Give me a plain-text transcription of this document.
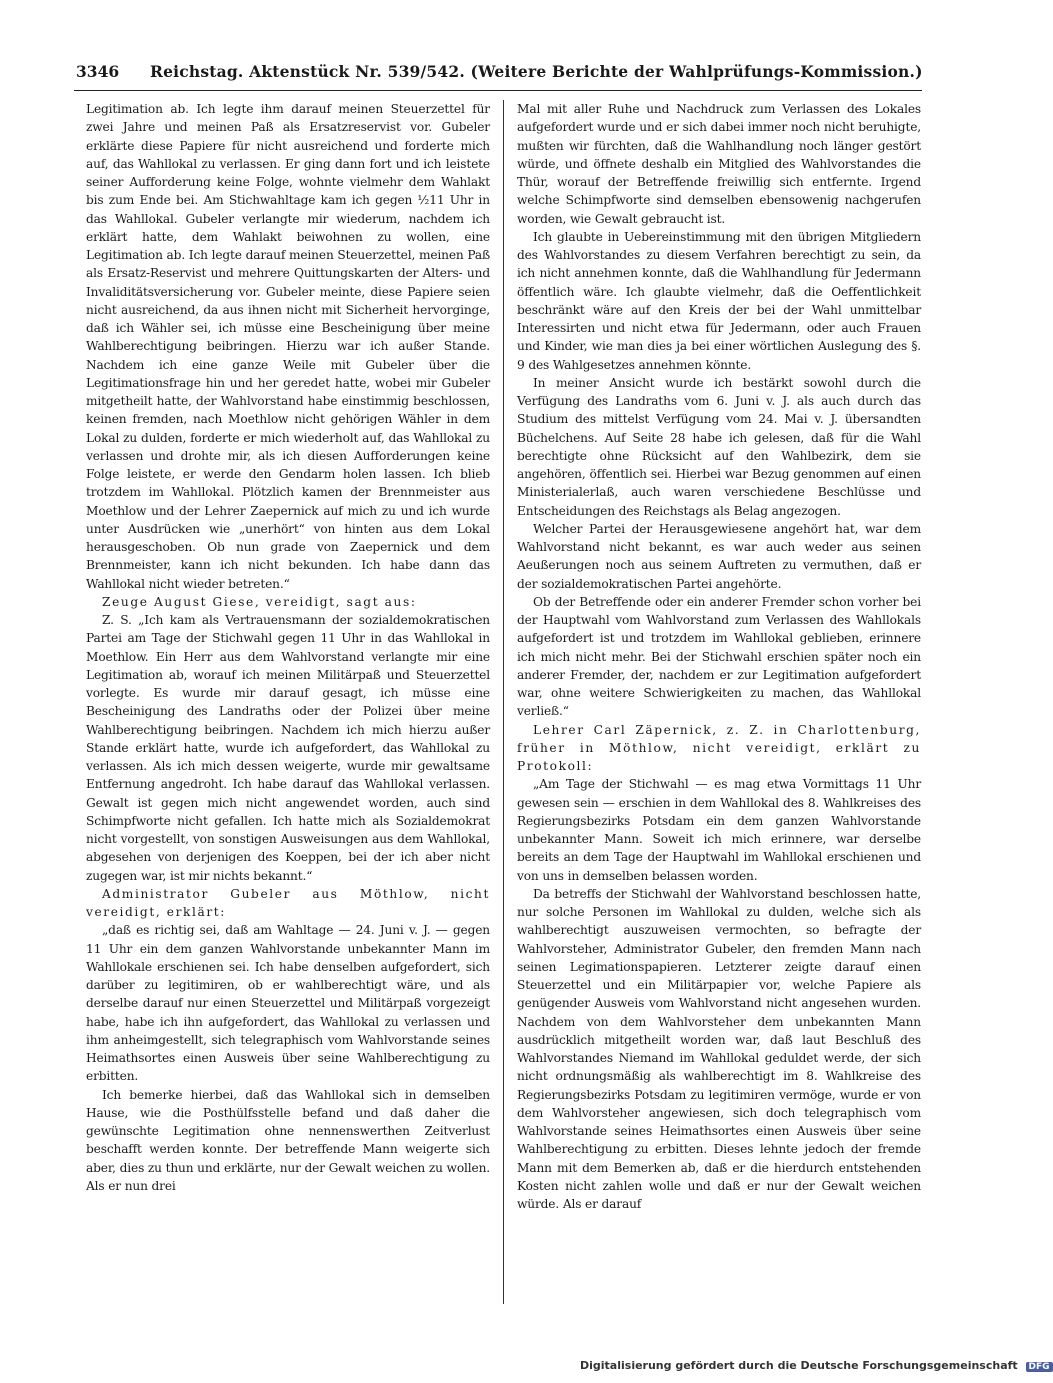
3346 Reichstag. Aktenstück Nr. 539/542. (Weitere Berichte der Wahlprüfungs-Kommission.)

Legitimation ab. Ich legte ihm darauf meinen Steuerzettel für zwei Jahre und meinen Paß als Ersatzreservist vor. Gubeler erklärte diese Papiere für nicht ausreichend und forderte mich auf, das Wahllokal zu verlassen. Er ging dann fort und ich leistete seiner Aufforderung keine Folge, wohnte vielmehr dem Wahlakt bis zum Ende bei. Am Stichwahltage kam ich gegen ½11 Uhr in das Wahllokal. Gubeler verlangte mir wiederum, nachdem ich erklärt hatte, dem Wahlakt beiwohnen zu wollen, eine Legitimation ab. Ich legte darauf meinen Steuerzettel, meinen Paß als Ersatz-Reservist und mehrere Quittungskarten der Alters- und Invaliditätsversicherung vor. Gubeler meinte, diese Papiere seien nicht ausreichend, da aus ihnen nicht mit Sicherheit hervorginge, daß ich Wähler sei, ich müsse eine Bescheinigung über meine Wahlberechtigung beibringen. Hierzu war ich außer Stande. Nachdem ich eine ganze Weile mit Gubeler über die Legitimationsfrage hin und her geredet hatte, wobei mir Gubeler mitgetheilt hatte, der Wahlvorstand habe einstimmig beschlossen, keinen fremden, nach Moethlow nicht gehörigen Wähler in dem Lokal zu dulden, forderte er mich wiederholt auf, das Wahllokal zu verlassen und drohte mir, als ich diesen Aufforderungen keine Folge leistete, er werde den Gendarm holen lassen. Ich blieb trotzdem im Wahllokal. Plötzlich kamen der Brennmeister aus Moethlow und der Lehrer Zaepernick auf mich zu und ich wurde unter Ausdrücken wie „unerhört“ von hinten aus dem Lokal herausgeschoben. Ob nun grade von Zaepernick und dem Brennmeister, kann ich nicht bekunden. Ich habe dann das Wahllokal nicht wieder betreten.“

Zeuge August Giese, vereidigt, sagt aus:

Z. S. „Ich kam als Vertrauensmann der sozialdemokratischen Partei am Tage der Stichwahl gegen 11 Uhr in das Wahllokal in Moethlow. Ein Herr aus dem Wahlvorstand verlangte mir eine Legitimation ab, worauf ich meinen Militärpaß und Steuerzettel vorlegte. Es wurde mir darauf gesagt, ich müsse eine Bescheinigung des Landraths oder der Polizei über meine Wahlberechtigung beibringen. Nachdem ich mich hierzu außer Stande erklärt hatte, wurde ich aufgefordert, das Wahllokal zu verlassen. Als ich mich dessen weigerte, wurde mir gewaltsame Entfernung angedroht. Ich habe darauf das Wahllokal verlassen. Gewalt ist gegen mich nicht angewendet worden, auch sind Schimpfworte nicht gefallen. Ich hatte mich als Sozialdemokrat nicht vorgestellt, von sonstigen Ausweisungen aus dem Wahllokal, abgesehen von derjenigen des Koeppen, bei der ich aber nicht zugegen war, ist mir nichts bekannt.“

Administrator Gubeler aus Möthlow, nicht vereidigt, erklärt:

„daß es richtig sei, daß am Wahltage — 24. Juni v. J. — gegen 11 Uhr ein dem ganzen Wahlvorstande unbekannter Mann im Wahllokale erschienen sei. Ich habe denselben aufgefordert, sich darüber zu legitimiren, ob er wahlberechtigt wäre, und als derselbe darauf nur einen Steuerzettel und Militärpaß vorgezeigt habe, habe ich ihn aufgefordert, das Wahllokal zu verlassen und ihm anheimgestellt, sich telegraphisch vom Wahlvorstande seines Heimathsortes einen Ausweis über seine Wahlberechtigung zu erbitten.

Ich bemerke hierbei, daß das Wahllokal sich in demselben Hause, wie die Posthülfsstelle befand und daß daher die gewünschte Legitimation ohne nennenswerthen Zeitverlust beschafft werden konnte. Der betreffende Mann weigerte sich aber, dies zu thun und erklärte, nur der Gewalt weichen zu wollen. Als er nun drei

Mal mit aller Ruhe und Nachdruck zum Verlassen des Lokales aufgefordert wurde und er sich dabei immer noch nicht beruhigte, mußten wir fürchten, daß die Wahlhandlung noch länger gestört würde, und öffnete deshalb ein Mitglied des Wahlvorstandes die Thür, worauf der Betreffende freiwillig sich entfernte. Irgend welche Schimpfworte sind demselben ebensowenig nachgerufen worden, wie Gewalt gebraucht ist.

Ich glaubte in Uebereinstimmung mit den übrigen Mitgliedern des Wahlvorstandes zu diesem Verfahren berechtigt zu sein, da ich nicht annehmen konnte, daß die Wahlhandlung für Jedermann öffentlich wäre. Ich glaubte vielmehr, daß die Oeffentlichkeit beschränkt wäre auf den Kreis der bei der Wahl unmittelbar Interessirten und nicht etwa für Jedermann, oder auch Frauen und Kinder, wie man dies ja bei einer wörtlichen Auslegung des §. 9 des Wahlgesetzes annehmen könnte.

In meiner Ansicht wurde ich bestärkt sowohl durch die Verfügung des Landraths vom 6. Juni v. J. als auch durch das Studium des mittelst Verfügung vom 24. Mai v. J. übersandten Büchelchens. Auf Seite 28 habe ich gelesen, daß für die Wahl berechtigte ohne Rücksicht auf den Wahlbezirk, dem sie angehören, öffentlich sei. Hierbei war Bezug genommen auf einen Ministerialerlaß, auch waren verschiedene Beschlüsse und Entscheidungen des Reichstags als Belag angezogen.

Welcher Partei der Herausgewiesene angehört hat, war dem Wahlvorstand nicht bekannt, es war auch weder aus seinen Aeußerungen noch aus seinem Auftreten zu vermuthen, daß er der sozialdemokratischen Partei angehörte.

Ob der Betreffende oder ein anderer Fremder schon vorher bei der Hauptwahl vom Wahlvorstand zum Verlassen des Wahllokals aufgefordert ist und trotzdem im Wahllokal geblieben, erinnere ich mich nicht mehr. Bei der Stichwahl erschien später noch ein anderer Fremder, der, nachdem er zur Legitimation aufgefordert war, ohne weitere Schwierigkeiten zu machen, das Wahllokal verließ.“

Lehrer Carl Zäpernick, z. Z. in Charlottenburg, früher in Möthlow, nicht vereidigt, erklärt zu Protokoll:

„Am Tage der Stichwahl — es mag etwa Vormittags 11 Uhr gewesen sein — erschien in dem Wahllokal des 8. Wahlkreises des Regierungsbezirks Potsdam ein dem ganzen Wahlvorstande unbekannter Mann. Soweit ich mich erinnere, war derselbe bereits an dem Tage der Hauptwahl im Wahllokal erschienen und von uns in demselben belassen worden.

Da betreffs der Stichwahl der Wahlvorstand beschlossen hatte, nur solche Personen im Wahllokal zu dulden, welche sich als wahlberechtigt auszuweisen vermochten, so befragte der Wahlvorsteher, Administrator Gubeler, den fremden Mann nach seinen Legimationspapieren. Letzterer zeigte darauf einen Steuerzettel und ein Militärpapier vor, welche Papiere als genügender Ausweis vom Wahlvorstand nicht angesehen wurden. Nachdem von dem Wahlvorsteher dem unbekannten Mann ausdrücklich mitgetheilt worden war, daß laut Beschluß des Wahlvorstandes Niemand im Wahllokal geduldet werde, der sich nicht ordnungsmäßig als wahlberechtigt im 8. Wahlkreise des Regierungsbezirks Potsdam zu legitimiren vermöge, wurde er von dem Wahlvorsteher angewiesen, sich doch telegraphisch vom Wahlvorstande seines Heimathsortes einen Ausweis über seine Wahlberechtigung zu erbitten. Dieses lehnte jedoch der fremde Mann mit dem Bemerken ab, daß er die hierdurch entstehenden Kosten nicht zahlen wolle und daß er nur der Gewalt weichen würde. Als er darauf

Digitalisierung gefördert durch die Deutsche Forschungsgemeinschaft DFG
